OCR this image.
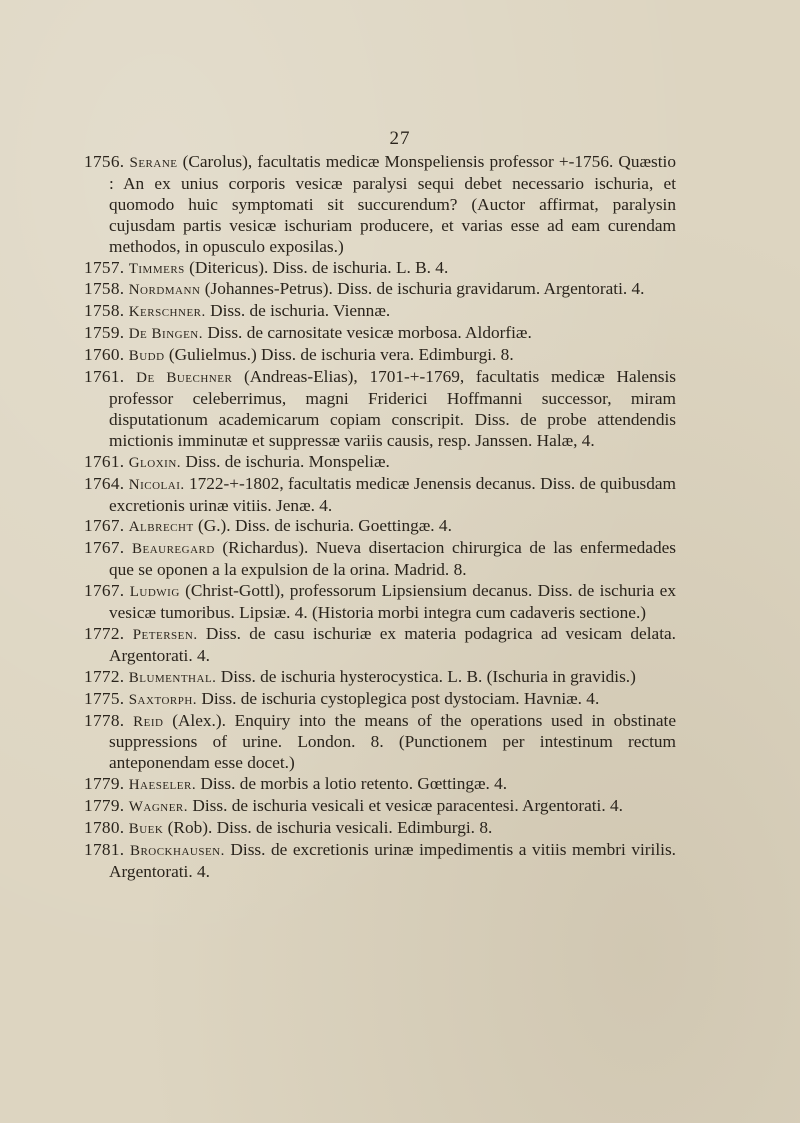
27

1756. Serane (Carolus), facultatis medicæ Monspeliensis professor +-1756. Quæstio : An ex unius corporis vesicæ paralysi sequi debet necessario ischuria, et quomodo huic symptomati sit succurendum? (Auctor affirmat, paralysin cujusdam partis vesicæ ischuriam producere, et varias esse ad eam curendam methodos, in opusculo exposilas.)

1757. Timmers (Ditericus). Diss. de ischuria. L. B. 4.

1758. Nordmann (Johannes-Petrus). Diss. de ischuria gravidarum. Argentorati. 4.

1758. Kerschner. Diss. de ischuria. Viennæ.

1759. De Bingen. Diss. de carnositate vesicæ morbosa. Aldorfiæ.

1760. Budd (Gulielmus.) Diss. de ischuria vera. Edimburgi. 8.

1761. De Buechner (Andreas-Elias), 1701-+-1769, facultatis medicæ Halensis professor celeberrimus, magni Friderici Hoffmanni successor, miram disputationum academicarum copiam conscripit. Diss. de probe attendendis mictionis imminutæ et suppressæ variis causis, resp. Janssen. Halæ, 4.

1761. Gloxin. Diss. de ischuria. Monspeliæ.

1764. Nicolai. 1722-+-1802, facultatis medicæ Jenensis decanus. Diss. de quibusdam excretionis urinæ vitiis. Jenæ. 4.

1767. Albrecht (G.). Diss. de ischuria. Goettingæ. 4.

1767. Beauregard (Richardus). Nueva disertacion chirurgica de las enfermedades que se oponen a la expulsion de la orina. Madrid. 8.

1767. Ludwig (Christ-Gottl), professorum Lipsiensium decanus. Diss. de ischuria ex vesicæ tumoribus. Lipsiæ. 4. (Historia morbi integra cum cadaveris sectione.)

1772. Petersen. Diss. de casu ischuriæ ex materia podagrica ad vesicam delata. Argentorati. 4.

1772. Blumenthal. Diss. de ischuria hysterocystica. L. B. (Ischuria in gravidis.)

1775. Saxtorph. Diss. de ischuria cystoplegica post dystociam. Havniæ. 4.

1778. Reid (Alex.). Enquiry into the means of the operations used in obstinate suppressions of urine. London. 8. (Punctionem per intestinum rectum anteponendam esse docet.)

1779. Haeseler. Diss. de morbis a lotio retento. Gœttingæ. 4.

1779. Wagner. Diss. de ischuria vesicali et vesicæ paracentesi. Argentorati. 4.

1780. Buek (Rob). Diss. de ischuria vesicali. Edimburgi. 8.

1781. Brockhausen. Diss. de excretionis urinæ impedimentis a vitiis membri virilis. Argentorati. 4.
